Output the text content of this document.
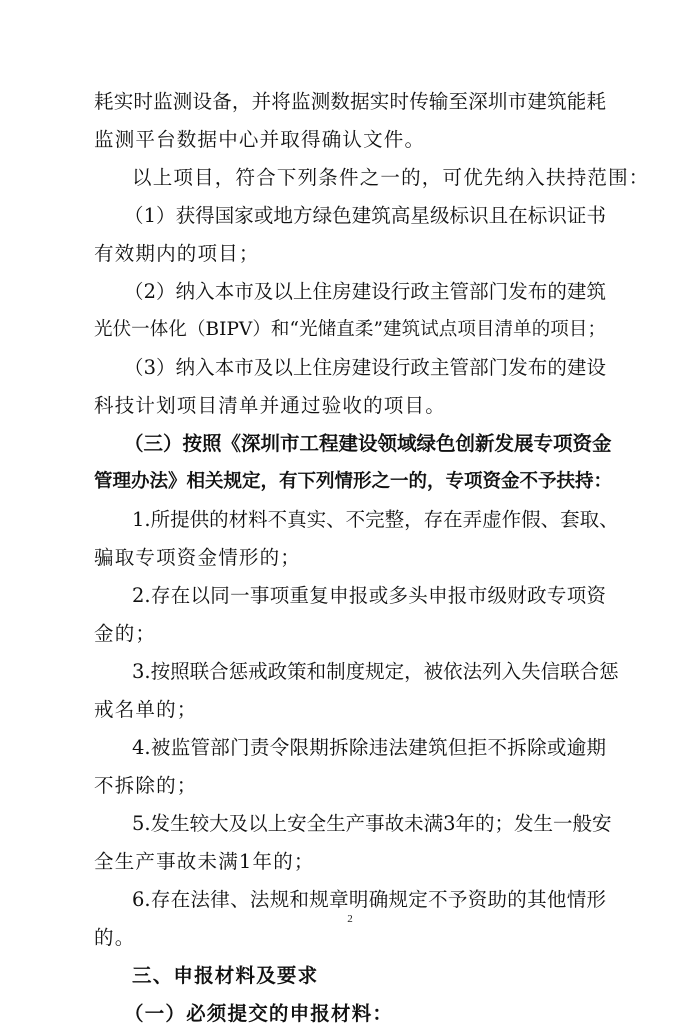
耗实时监测设备，并将监测数据实时传输至深圳市建筑能耗
监测平台数据中心并取得确认文件。
以上项目，符合下列条件之一的，可优先纳入扶持范围：
（1）获得国家或地方绿色建筑高星级标识且在标识证书
有效期内的项目；
（2）纳入本市及以上住房建设行政主管部门发布的建筑
光伏一体化（BIPV）和“光储直柔”建筑试点项目清单的项目；
（3）纳入本市及以上住房建设行政主管部门发布的建设
科技计划项目清单并通过验收的项目。
（三）按照《深圳市工程建设领域绿色创新发展专项资金
管理办法》相关规定，有下列情形之一的，专项资金不予扶持：
1.所提供的材料不真实、不完整，存在弄虚作假、套取、
骗取专项资金情形的；
2.存在以同一事项重复申报或多头申报市级财政专项资
金的；
3.按照联合惩戒政策和制度规定，被依法列入失信联合惩
戒名单的；
4.被监管部门责令限期拆除违法建筑但拒不拆除或逾期
不拆除的；
5.发生较大及以上安全生产事故未满3年的；发生一般安
全生产事故未满1年的；
6.存在法律、法规和规章明确规定不予资助的其他情形
的。
三、申报材料及要求
（一）必须提交的申报材料：
2
